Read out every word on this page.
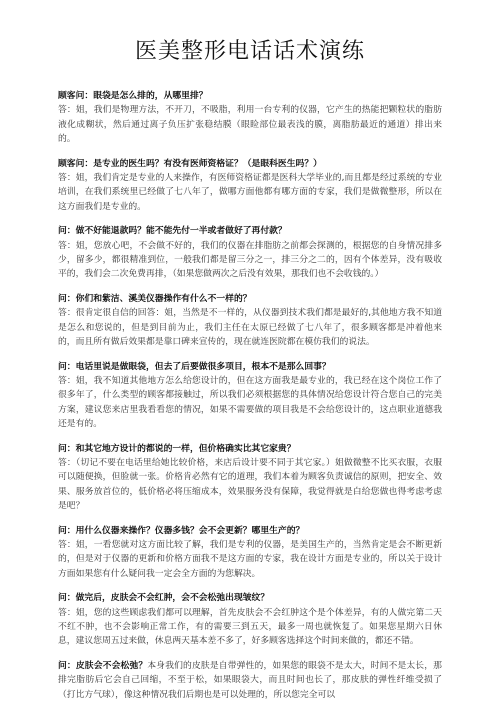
医美整形电话话术演练

顾客问：眼袋是怎么排的，从哪里排？

答：姐，我们是物理方法，不开刀，不吸脂，利用一台专利的仪器，它产生的热能把颗粒状的脂肪液化成糊状，然后通过离子负压扩张稳结膜（眼睑部位最表浅的膜，离脂肪最近的通道）排出来的。

顾客问：是专业的医生吗？有没有医师资格证？（是眼科医生吗？）

答：姐，我们肯定是专业的人来操作，有医师资格证都是医科大学毕业的,而且都是经过系统的专业培训，在我们系统里已经做了七八年了，做哪方面他都有哪方面的专家，我们是做微整形，所以在这方面我们是专业的。

问：做不好能退款吗？能不能先付一半或者做好了再付款？

答：姐，您放心吧，不会做不好的，我们的仪器在排脂肪之前都会探测的，根据您的自身情况排多少，留多少，都很精准到位，一般我们都是留三分之一，排三分之二的，因有个体差异，没有吸收平的，我们会二次免费再排，（如果您做两次之后没有效果，那我们也不会收钱的。）

问：你们和紫洁、溪美仪器操作有什么不一样的？

答：很肯定很自信的回答：姐，当然是不一样的，从仪器到技术我们都是最好的,其他地方我不知道是怎么和您说的，但是到目前为止，我们主任在太原已经做了七八年了，很多顾客都是冲着他来的，而且所有做后效果都是靠口碑来宣传的，现在就连医院都在模仿我们的说法。

问：电话里说是做眼袋，但去了后要做很多项目，根本不是那么回事？

答：姐，我不知道其他地方怎么给您设计的，但在这方面我是最专业的，我已经在这个岗位工作了很多年了，什么类型的顾客都接触过，所以我们必须根据您的具体情况给您设计符合您自己的完美方案，建议您来店里我看看您的情况，如果不需要做的项目我是不会给您设计的，这点职业道德我还是有的。

问：和其它地方设计的都说的一样，但价格确实比其它家贵？

答：（切记不要在电话里给她比较价格，来店后设计要不同于其它家。）姐做微整不比买衣服，衣服可以随便换，但脸就一张。价格肯必然有它的道理，我们本着为顾客负责诚信的原则，把安全、效果、服务放首位的，低价格必将压缩成本，效果服务没有保障，我觉得就是白给您做也得考虑考虑是吧？

问：用什么仪器来操作？仪器多钱？会不会更新？哪里生产的？

答：姐，一看您就对这方面比较了解，我们是专利的仪器，是美国生产的，当然肯定是会不断更新的，但是对于仪器的更新和价格方面我不是这方面的专家，我在设计方面是专业的，所以关于设计方面如果您有什么疑问我一定会全方面的为您解决。

问：做完后，皮肤会不会红肿，会不会松弛出现皱纹？

答：姐，您的这些顾虑我们都可以理解，首先皮肤会不会红肿这个是个体差异，有的人做完第二天不红不肿，也不会影响正常工作，有的需要三到五天，最多一周也就恢复了。如果您星期六日休息，建议您周五过来做，休息两天基本差不多了，好多顾客选择这个时间来做的，都还不错。

问：皮肤会不会松弛？本身我们的皮肤是自带弹性的，如果您的眼袋不是太大，时间不是太长，那排完脂肪后它会自己回缩，不至于松，如果眼袋大，而且时间也长了，那皮肤的弹性纤维受损了（打比方气球），像这种情况我们后期也是可以处理的，所以您完全可以
